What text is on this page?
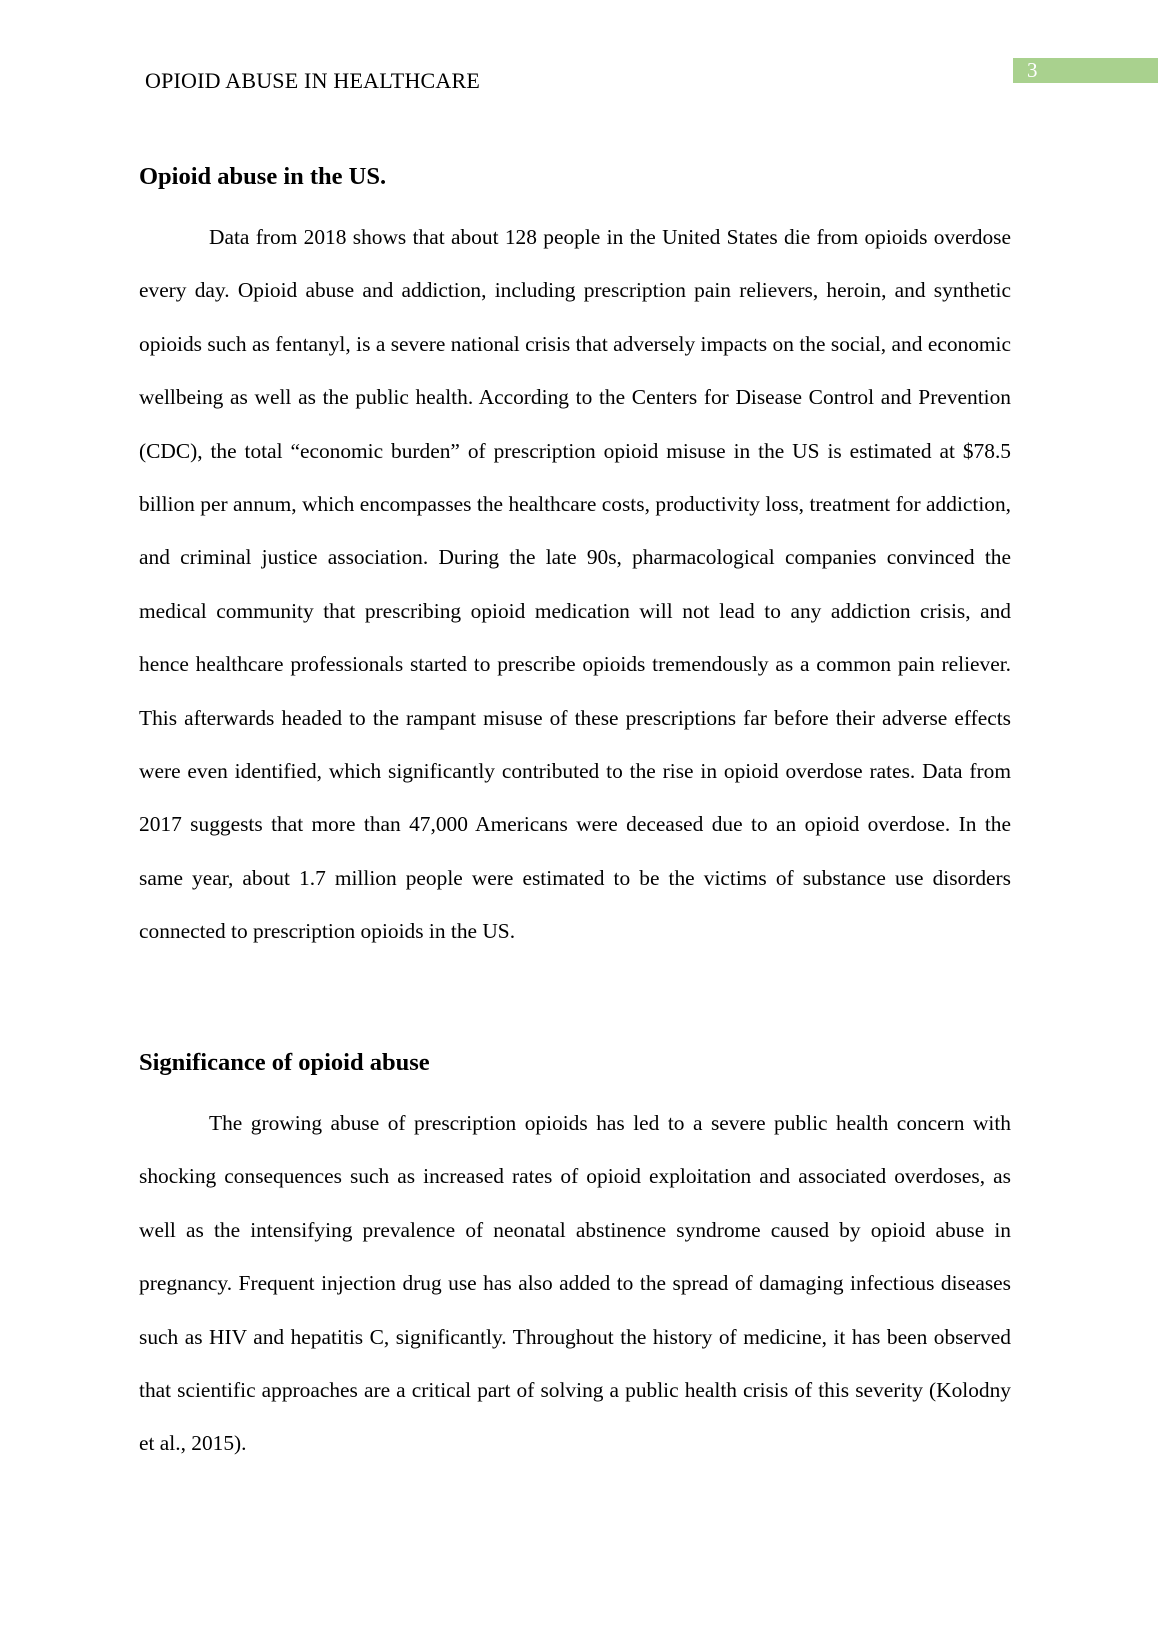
OPIOID ABUSE IN HEALTHCARE	3
Opioid abuse in the US.

Data from 2018 shows that about 128 people in the United States die from opioids overdose every day. Opioid abuse and addiction, including prescription pain relievers, heroin, and synthetic opioids such as fentanyl, is a severe national crisis that adversely impacts on the social, and economic wellbeing as well as the public health. According to the Centers for Disease Control and Prevention (CDC), the total “economic burden” of prescription opioid misuse in the US is estimated at $78.5 billion per annum, which encompasses the healthcare costs, productivity loss, treatment for addiction, and criminal justice association. During the late 90s, pharmacological companies convinced the medical community that prescribing opioid medication will not lead to any addiction crisis, and hence healthcare professionals started to prescribe opioids tremendously as a common pain reliever. This afterwards headed to the rampant misuse of these prescriptions far before their adverse effects were even identified, which significantly contributed to the rise in opioid overdose rates. Data from 2017 suggests that more than 47,000 Americans were deceased due to an opioid overdose. In the same year, about 1.7 million people were estimated to be the victims of substance use disorders connected to prescription opioids in the US.

Significance of opioid abuse

The growing abuse of prescription opioids has led to a severe public health concern with shocking consequences such as increased rates of opioid exploitation and associated overdoses, as well as the intensifying prevalence of neonatal abstinence syndrome caused by opioid abuse in pregnancy. Frequent injection drug use has also added to the spread of damaging infectious diseases such as HIV and hepatitis C, significantly. Throughout the history of medicine, it has been observed that scientific approaches are a critical part of solving a public health crisis of this severity (Kolodny et al., 2015).
